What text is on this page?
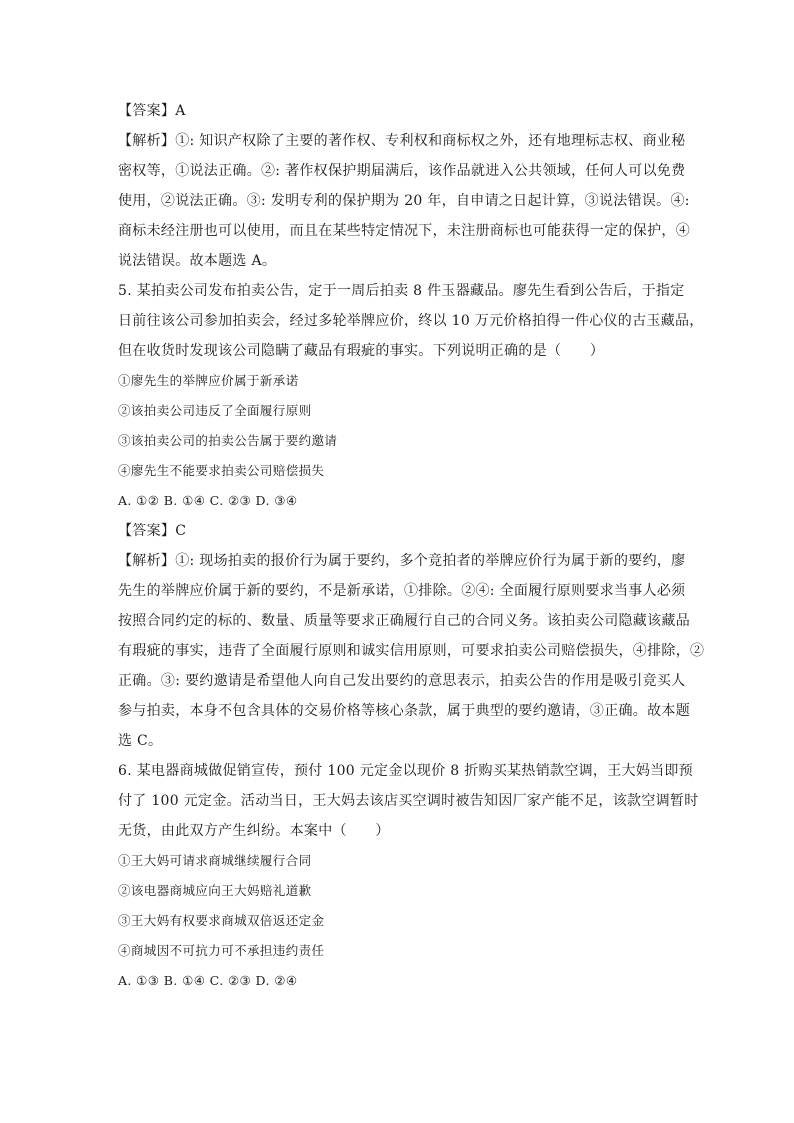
【答案】A
【解析】①: 知识产权除了主要的著作权、专利权和商标权之外，还有地理标志权、商业秘
密权等，①说法正确。②: 著作权保护期届满后，该作品就进入公共领域，任何人可以免费
使用，②说法正确。③: 发明专利的保护期为 20 年，自申请之日起计算，③说法错误。④:
商标未经注册也可以使用，而且在某些特定情况下，未注册商标也可能获得一定的保护，④
说法错误。故本题选 A。
5. 某拍卖公司发布拍卖公告，定于一周后拍卖 8 件玉器藏品。廖先生看到公告后，于指定
日前往该公司参加拍卖会，经过多轮举牌应价，终以 10 万元价格拍得一件心仪的古玉藏品，
但在收货时发现该公司隐瞒了藏品有瑕疵的事实。下列说明正确的是（　　）
①廖先生的举牌应价属于新承诺
②该拍卖公司违反了全面履行原则
③该拍卖公司的拍卖公告属于要约邀请
④廖先生不能要求拍卖公司赔偿损失
A. ①② B. ①④ C. ②③ D. ③④
【答案】C
【解析】①: 现场拍卖的报价行为属于要约，多个竞拍者的举牌应价行为属于新的要约，廖
先生的举牌应价属于新的要约，不是新承诺，①排除。②④: 全面履行原则要求当事人必须
按照合同约定的标的、数量、质量等要求正确履行自己的合同义务。该拍卖公司隐藏该藏品
有瑕疵的事实，违背了全面履行原则和诚实信用原则，可要求拍卖公司赔偿损失，④排除，②
正确。③: 要约邀请是希望他人向自己发出要约的意思表示，拍卖公告的作用是吸引竞买人
参与拍卖，本身不包含具体的交易价格等核心条款，属于典型的要约邀请，③正确。故本题
选 C。
6. 某电器商城做促销宣传，预付 100 元定金以现价 8 折购买某热销款空调，王大妈当即预
付了 100 元定金。活动当日，王大妈去该店买空调时被告知因厂家产能不足，该款空调暂时
无货，由此双方产生纠纷。本案中（　　）
①王大妈可请求商城继续履行合同
②该电器商城应向王大妈赔礼道歉
③王大妈有权要求商城双倍返还定金
④商城因不可抗力可不承担违约责任
A. ①③ B. ①④ C. ②③ D. ②④
